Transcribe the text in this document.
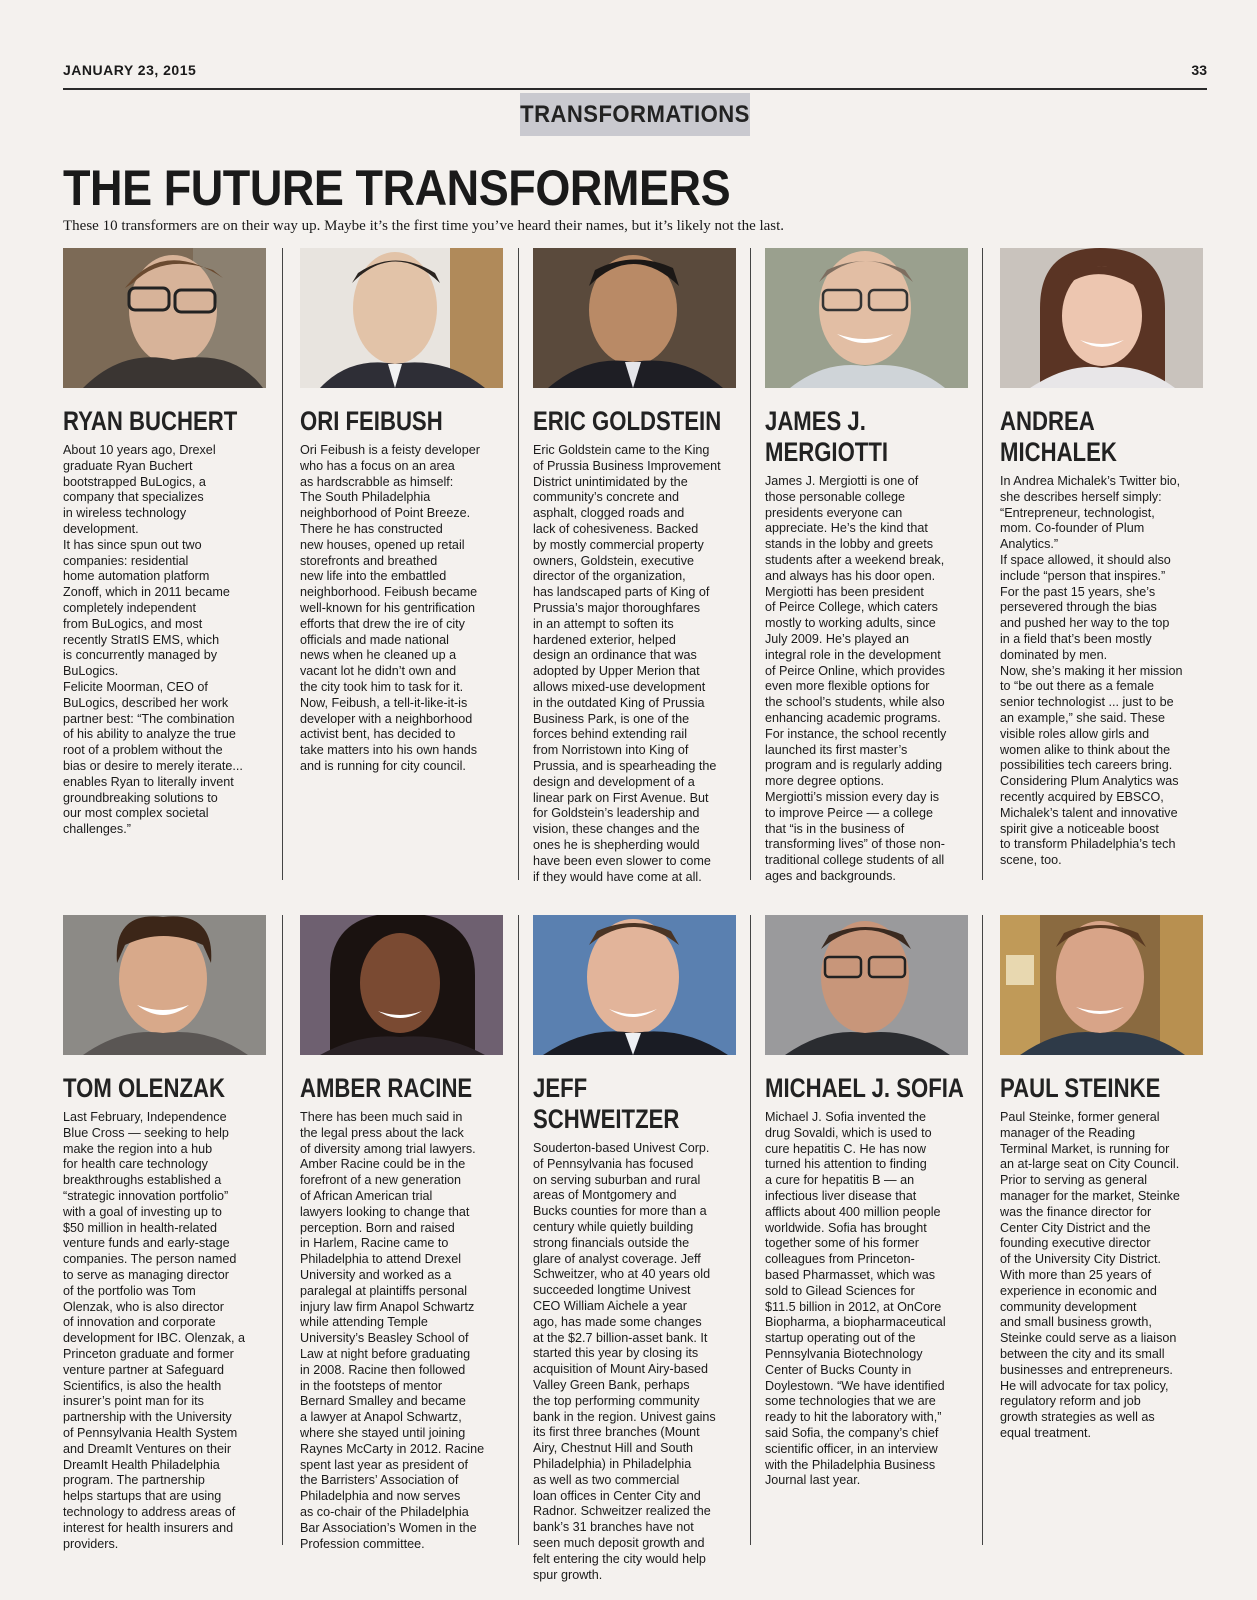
JANUARY 23, 2015	33
TRANSFORMATIONS
THE FUTURE TRANSFORMERS
These 10 transformers are on their way up. Maybe it’s the first time you’ve heard their names, but it’s likely not the last.
RYAN BUCHERT
About 10 years ago, Drexel
graduate Ryan Buchert
bootstrapped BuLogics, a
company that specializes
in wireless technology
development.
It has since spun out two
companies: residential
home automation platform
Zonoff, which in 2011 became
completely independent
from BuLogics, and most
recently StratIS EMS, which
is concurrently managed by
BuLogics.
Felicite Moorman, CEO of
BuLogics, described her work
partner best: “The combination
of his ability to analyze the true
root of a problem without the
bias or desire to merely iterate...
enables Ryan to literally invent
groundbreaking solutions to
our most complex societal
challenges.”
ORI FEIBUSH
Ori Feibush is a feisty developer
who has a focus on an area
as hardscrabble as himself:
The South Philadelphia
neighborhood of Point Breeze.
There he has constructed
new houses, opened up retail
storefronts and breathed
new life into the embattled
neighborhood. Feibush became
well-known for his gentrification
efforts that drew the ire of city
officials and made national
news when he cleaned up a
vacant lot he didn’t own and
the city took him to task for it.
Now, Feibush, a tell-it-like-it-is
developer with a neighborhood
activist bent, has decided to
take matters into his own hands
and is running for city council.
ERIC GOLDSTEIN
Eric Goldstein came to the King
of Prussia Business Improvement
District unintimidated by the
community’s concrete and
asphalt, clogged roads and
lack of cohesiveness. Backed
by mostly commercial property
owners, Goldstein, executive
director of the organization,
has landscaped parts of King of
Prussia’s major thoroughfares
in an attempt to soften its
hardened exterior, helped
design an ordinance that was
adopted by Upper Merion that
allows mixed-use development
in the outdated King of Prussia
Business Park, is one of the
forces behind extending rail
from Norristown into King of
Prussia, and is spearheading the
design and development of a
linear park on First Avenue. But
for Goldstein’s leadership and
vision, these changes and the
ones he is shepherding would
have been even slower to come
if they would have come at all.
JAMES J. MERGIOTTI
James J. Mergiotti is one of
those personable college
presidents everyone can
appreciate. He’s the kind that
stands in the lobby and greets
students after a weekend break,
and always has his door open.
Mergiotti has been president
of Peirce College, which caters
mostly to working adults, since
July 2009. He’s played an
integral role in the development
of Peirce Online, which provides
even more flexible options for
the school’s students, while also
enhancing academic programs.
For instance, the school recently
launched its first master’s
program and is regularly adding
more degree options.
Mergiotti’s mission every day is
to improve Peirce — a college
that “is in the business of
transforming lives” of those non-
traditional college students of all
ages and backgrounds.
ANDREA MICHALEK
In Andrea Michalek’s Twitter bio,
she describes herself simply:
“Entrepreneur, technologist,
mom. Co-founder of Plum
Analytics.”
If space allowed, it should also
include “person that inspires.”
For the past 15 years, she’s
persevered through the bias
and pushed her way to the top
in a field that’s been mostly
dominated by men.
Now, she’s making it her mission
to “be out there as a female
senior technologist ... just to be
an example,” she said. These
visible roles allow girls and
women alike to think about the
possibilities tech careers bring.
Considering Plum Analytics was
recently acquired by EBSCO,
Michalek’s talent and innovative
spirit give a noticeable boost
to transform Philadelphia’s tech
scene, too.
TOM OLENZAK
Last February, Independence
Blue Cross — seeking to help
make the region into a hub
for health care technology
breakthroughs established a
“strategic innovation portfolio”
with a goal of investing up to
$50 million in health-related
venture funds and early-stage
companies. The person named
to serve as managing director
of the portfolio was Tom
Olenzak, who is also director
of innovation and corporate
development for IBC. Olenzak, a
Princeton graduate and former
venture partner at Safeguard
Scientifics, is also the health
insurer’s point man for its
partnership with the University
of Pennsylvania Health System
and DreamIt Ventures on their
DreamIt Health Philadelphia
program. The partnership
helps startups that are using
technology to address areas of
interest for health insurers and
providers.
AMBER RACINE
There has been much said in
the legal press about the lack
of diversity among trial lawyers.
Amber Racine could be in the
forefront of a new generation
of African American trial
lawyers looking to change that
perception. Born and raised
in Harlem, Racine came to
Philadelphia to attend Drexel
University and worked as a
paralegal at plaintiffs personal
injury law firm Anapol Schwartz
while attending Temple
University’s Beasley School of
Law at night before graduating
in 2008. Racine then followed
in the footsteps of mentor
Bernard Smalley and became
a lawyer at Anapol Schwartz,
where she stayed until joining
Raynes McCarty in 2012. Racine
spent last year as president of
the Barristers’ Association of
Philadelphia and now serves
as co-chair of the Philadelphia
Bar Association’s Women in the
Profession committee.
JEFF SCHWEITZER
Souderton-based Univest Corp.
of Pennsylvania has focused
on serving suburban and rural
areas of Montgomery and
Bucks counties for more than a
century while quietly building
strong financials outside the
glare of analyst coverage. Jeff
Schweitzer, who at 40 years old
succeeded longtime Univest
CEO William Aichele a year
ago, has made some changes
at the $2.7 billion-asset bank. It
started this year by closing its
acquisition of Mount Airy-based
Valley Green Bank, perhaps
the top performing community
bank in the region. Univest gains
its first three branches (Mount
Airy, Chestnut Hill and South
Philadelphia) in Philadelphia
as well as two commercial
loan offices in Center City and
Radnor. Schweitzer realized the
bank’s 31 branches have not
seen much deposit growth and
felt entering the city would help
spur growth.
MICHAEL J. SOFIA
Michael J. Sofia invented the
drug Sovaldi, which is used to
cure hepatitis C. He has now
turned his attention to finding
a cure for hepatitis B — an
infectious liver disease that
afflicts about 400 million people
worldwide. Sofia has brought
together some of his former
colleagues from Princeton-
based Pharmasset, which was
sold to Gilead Sciences for
$11.5 billion in 2012, at OnCore
Biopharma, a biopharmaceutical
startup operating out of the
Pennsylvania Biotechnology
Center of Bucks County in
Doylestown. “We have identified
some technologies that we are
ready to hit the laboratory with,”
said Sofia, the company’s chief
scientific officer, in an interview
with the Philadelphia Business
Journal last year.
PAUL STEINKE
Paul Steinke, former general
manager of the Reading
Terminal Market, is running for
an at-large seat on City Council.
Prior to serving as general
manager for the market, Steinke
was the finance director for
Center City District and the
founding executive director
of the University City District.
With more than 25 years of
experience in economic and
community development
and small business growth,
Steinke could serve as a liaison
between the city and its small
businesses and entrepreneurs.
He will advocate for tax policy,
regulatory reform and job
growth strategies as well as
equal treatment.
